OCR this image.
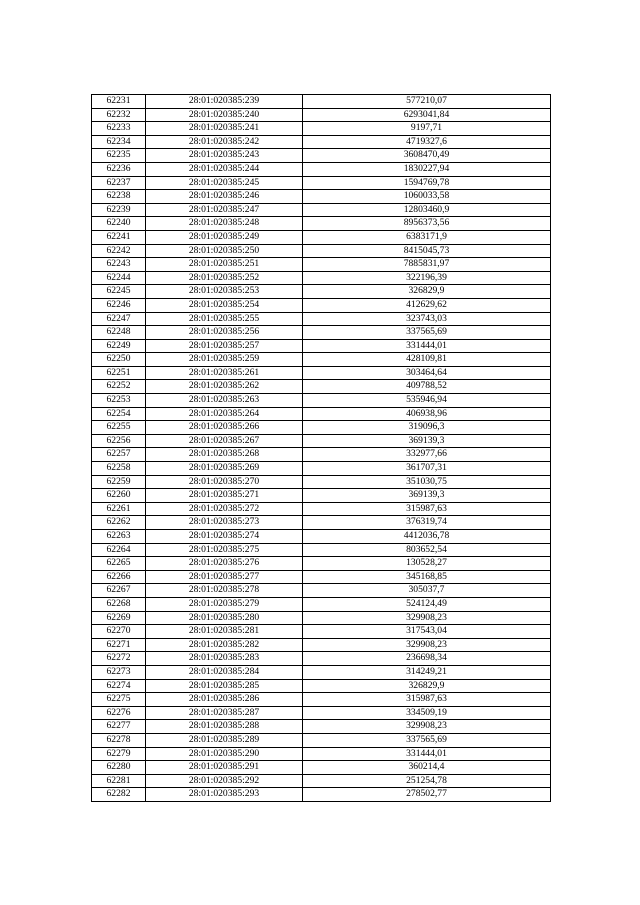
62231	28:01:020385:239	577210,07
62232	28:01:020385:240	6293041,84
62233	28:01:020385:241	9197,71
62234	28:01:020385:242	4719327,6
62235	28:01:020385:243	3608470,49
62236	28:01:020385:244	1830227,94
62237	28:01:020385:245	1594769,78
62238	28:01:020385:246	1060033,58
62239	28:01:020385:247	12803460,9
62240	28:01:020385:248	8956373,56
62241	28:01:020385:249	6383171,9
62242	28:01:020385:250	8415045,73
62243	28:01:020385:251	7885831,97
62244	28:01:020385:252	322196,39
62245	28:01:020385:253	326829,9
62246	28:01:020385:254	412629,62
62247	28:01:020385:255	323743,03
62248	28:01:020385:256	337565,69
62249	28:01:020385:257	331444,01
62250	28:01:020385:259	428109,81
62251	28:01:020385:261	303464,64
62252	28:01:020385:262	409788,52
62253	28:01:020385:263	535946,94
62254	28:01:020385:264	406938,96
62255	28:01:020385:266	319096,3
62256	28:01:020385:267	369139,3
62257	28:01:020385:268	332977,66
62258	28:01:020385:269	361707,31
62259	28:01:020385:270	351030,75
62260	28:01:020385:271	369139,3
62261	28:01:020385:272	315987,63
62262	28:01:020385:273	376319,74
62263	28:01:020385:274	4412036,78
62264	28:01:020385:275	803652,54
62265	28:01:020385:276	130528,27
62266	28:01:020385:277	345168,85
62267	28:01:020385:278	305037,7
62268	28:01:020385:279	524124,49
62269	28:01:020385:280	329908,23
62270	28:01:020385:281	317543,04
62271	28:01:020385:282	329908,23
62272	28:01:020385:283	236698,34
62273	28:01:020385:284	314249,21
62274	28:01:020385:285	326829,9
62275	28:01:020385:286	315987,63
62276	28:01:020385:287	334509,19
62277	28:01:020385:288	329908,23
62278	28:01:020385:289	337565,69
62279	28:01:020385:290	331444,01
62280	28:01:020385:291	360214,4
62281	28:01:020385:292	251254,78
62282	28:01:020385:293	278502,77
